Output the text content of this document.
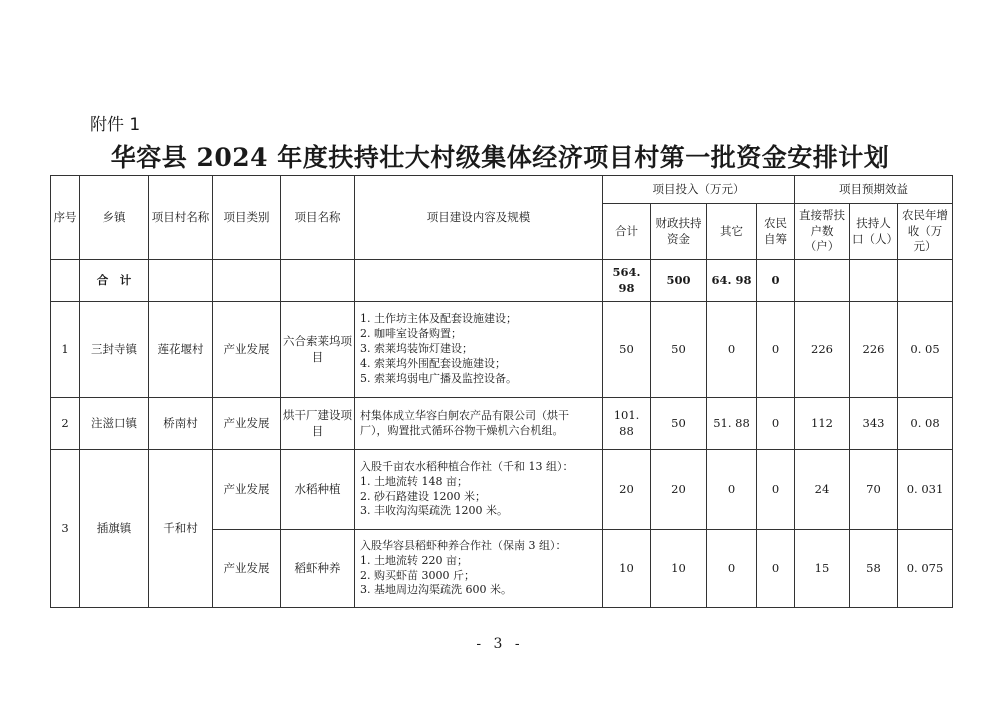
附件 1
华容县 2024 年度扶持壮大村级集体经济项目村第一批资金安排计划
序号	乡镇	项目村名称	项目类别	项目名称	项目建设内容及规模	项目投入（万元）				项目预期效益		
						合计	财政扶持资金	其它	农民自筹	直接帮扶户数（户）	扶持人口（人）	农民年增收（万元）
	合　计					564. 98	500	64. 98	0			
1	三封寺镇	莲花堰村	产业发展	六合索莱坞项目	1. 土作坊主体及配套设施建设；
2. 咖啡室设备购置；
3. 索莱坞装饰灯建设；
4. 索莱坞外围配套设施建设；
5. 索莱坞弱电广播及监控设备。	50	50	0	0	226	226	0. 05
2	注滋口镇	桥南村	产业发展	烘干厂建设项目	村集体成立华容白舸农产品有限公司（烘干
厂），购置批式循环谷物干燥机六台机组。	101. 88	50	51. 88	0	112	343	0. 08
3	插旗镇	千和村	产业发展	水稻种植	入股千亩农水稻种植合作社（千和 13 组）：
1. 土地流转 148 亩；
2. 砂石路建设 1200 米；
3. 丰收沟沟渠疏洗 1200 米。	20	20	0	0	24	70	0. 031
			产业发展	稻虾种养	入股华容县稻虾种养合作社（保南 3 组）：
1. 土地流转 220 亩；
2. 购买虾苗 3000 斤；
3. 基地周边沟渠疏洗 600 米。	10	10	0	0	15	58	0. 075
- 3 -
